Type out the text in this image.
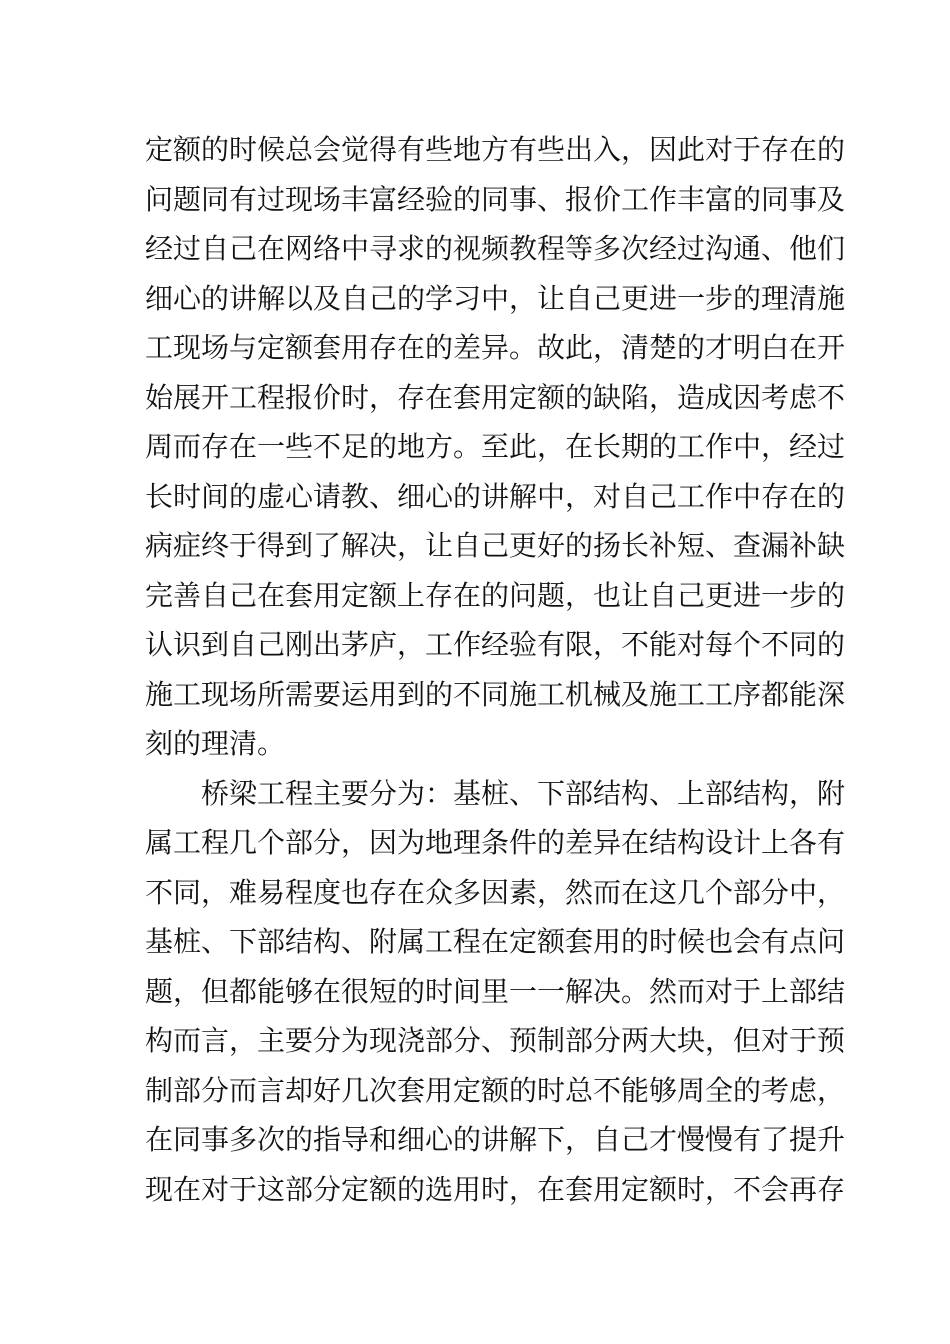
定额的时候总会觉得有些地方有些出入，因此对于存在的
问题同有过现场丰富经验的同事、报价工作丰富的同事及
经过自己在网络中寻求的视频教程等多次经过沟通、他们
细心的讲解以及自己的学习中，让自己更进一步的理清施
工现场与定额套用存在的差异。故此，清楚的才明白在开
始展开工程报价时，存在套用定额的缺陷，造成因考虑不
周而存在一些不足的地方。至此，在长期的工作中，经过
长时间的虚心请教、细心的讲解中，对自己工作中存在的
病症终于得到了解决，让自己更好的扬长补短、查漏补缺
完善自己在套用定额上存在的问题，也让自己更进一步的
认识到自己刚出茅庐，工作经验有限，不能对每个不同的
施工现场所需要运用到的不同施工机械及施工工序都能深
刻的理清。
桥梁工程主要分为：基桩、下部结构、上部结构，附
属工程几个部分，因为地理条件的差异在结构设计上各有
不同，难易程度也存在众多因素，然而在这几个部分中，
基桩、下部结构、附属工程在定额套用的时候也会有点问
题，但都能够在很短的时间里一一解决。然而对于上部结
构而言，主要分为现浇部分、预制部分两大块，但对于预
制部分而言却好几次套用定额的时总不能够周全的考虑，
在同事多次的指导和细心的讲解下，自己才慢慢有了提升
现在对于这部分定额的选用时，在套用定额时，不会再存
